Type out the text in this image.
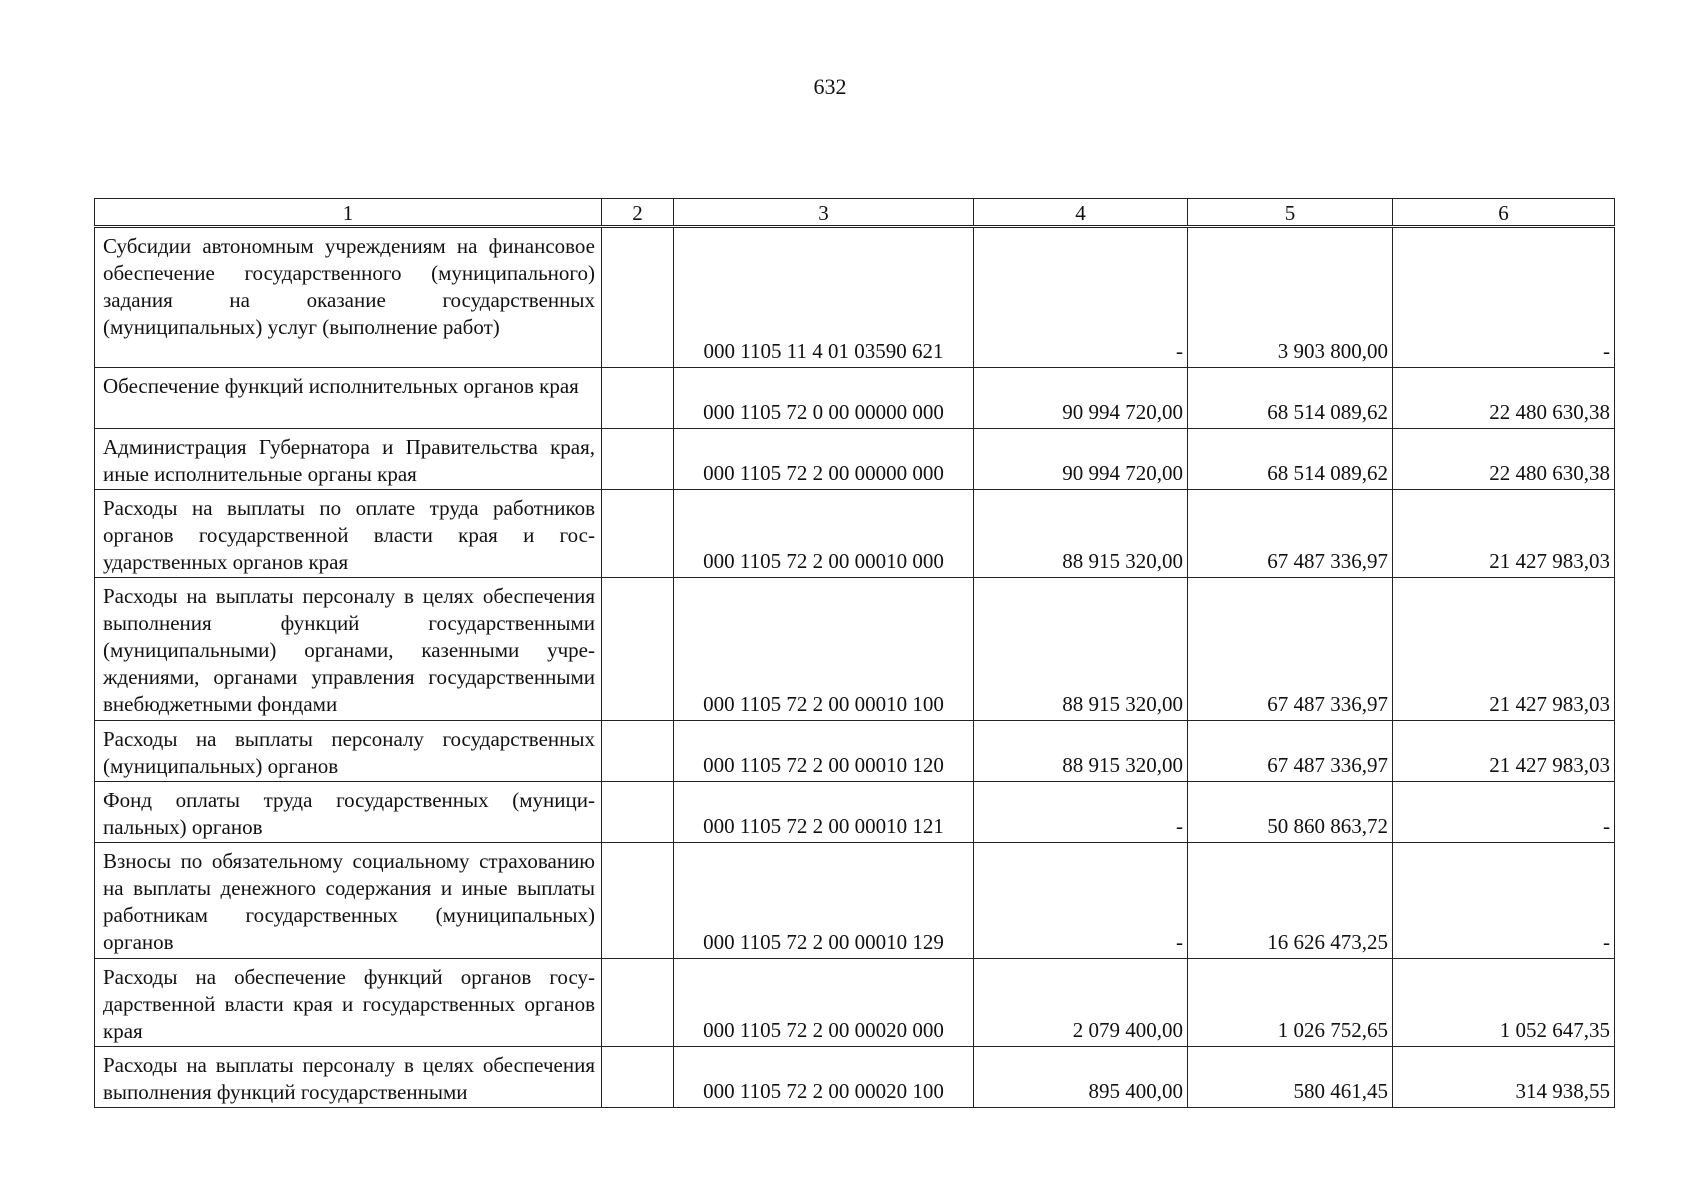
632
1	2	3	4	5	6
Субсидии автономным учреждениям на финансовое обеспечение государственного (муниципального) задания на оказание государственных (муниципальных) услуг (выполнение работ)		000 1105 11 4 01 03590 621	-	3 903 800,00	-
Обеспечение функций исполнительных органов края		000 1105 72 0 00 00000 000	90 994 720,00	68 514 089,62	22 480 630,38
Администрация Губернатора и Правительства края, иные исполнительные органы края		000 1105 72 2 00 00000 000	90 994 720,00	68 514 089,62	22 480 630,38
Расходы на выплаты по оплате труда работников органов государственной власти края и государственных органов края		000 1105 72 2 00 00010 000	88 915 320,00	67 487 336,97	21 427 983,03
Расходы на выплаты персоналу в целях обеспечения выполнения функций государственными (муниципальными) органами, казенными учреждениями, органами управления государственными внебюджетными фондами		000 1105 72 2 00 00010 100	88 915 320,00	67 487 336,97	21 427 983,03
Расходы на выплаты персоналу государственных (муниципальных) органов		000 1105 72 2 00 00010 120	88 915 320,00	67 487 336,97	21 427 983,03
Фонд оплаты труда государственных (муниципальных) органов		000 1105 72 2 00 00010 121	-	50 860 863,72	-
Взносы по обязательному социальному страхованию на выплаты денежного содержания и иные выплаты работникам государственных (муниципальных) органов		000 1105 72 2 00 00010 129	-	16 626 473,25	-
Расходы на обеспечение функций органов государственной власти края и государственных органов края		000 1105 72 2 00 00020 000	2 079 400,00	1 026 752,65	1 052 647,35
Расходы на выплаты персоналу в целях обеспечения выполнения функций государственными		000 1105 72 2 00 00020 100	895 400,00	580 461,45	314 938,55
